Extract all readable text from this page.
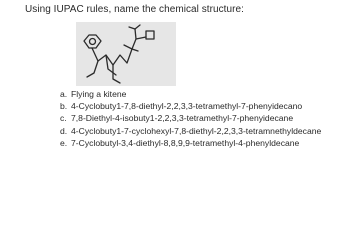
Using IUPAC rules, name the chemical structure:
a. Flying a kitene
b. 4-Cyclobuty1-7,8-diethyl-2,2,3,3-tetramethyl-7-phenyidecano
c. 7,8-Diethyl-4-isobuty1-2,2,3,3-tetramethyl-7-phenyidecane
d. 4-Cyclobuty1-7-cyclohexyl-7,8-diethyl-2,2,3,3-tetramnethyldecane
e. 7-Cyclobutyl-3,4-diethyl-8,8,9,9-tetramethyl-4-phenyldecane
